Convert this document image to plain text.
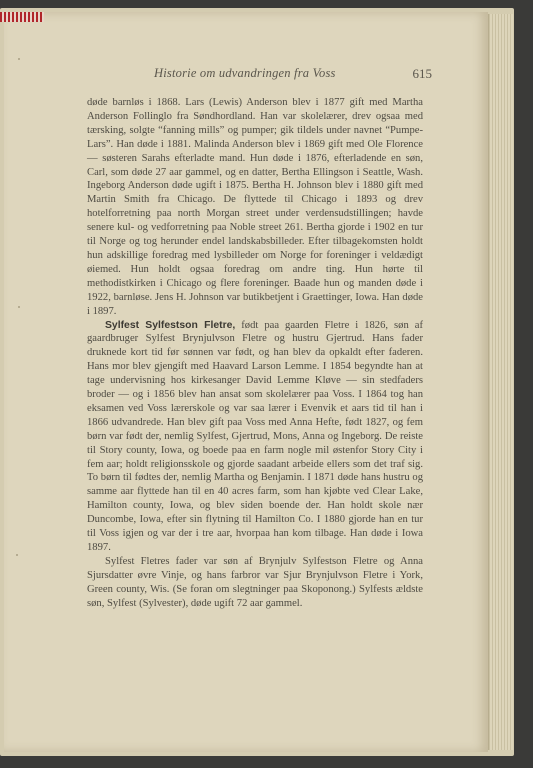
Historie om udvandringen fra Voss	615

døde barnløs i 1868. Lars (Lewis) Anderson blev i 1877 gift med Martha Anderson Follinglo fra Søndhordland. Han var skolelærer, drev ogsaa med tærsking, solgte “fanning mills” og pumper; gik tildels under navnet “Pumpe-Lars”. Han døde i 1881. Malinda Anderson blev i 1869 gift med Ole Florence — søsteren Sarahs efterladte mand. Hun døde i 1876, efterladende en søn, Carl, som døde 27 aar gammel, og en datter, Bertha Ellingson i Seattle, Wash. Ingeborg Anderson døde ugift i 1875. Bertha H. Johnson blev i 1880 gift med Martin Smith fra Chicago. De flyttede til Chicago i 1893 og drev hotelforretning paa north Morgan street under verdensudstillingen; havde senere kul- og vedforretning paa Noble street 261. Bertha gjorde i 1902 en tur til Norge og tog herunder endel landskabsbilleder. Efter tilbagekomsten holdt hun adskillige foredrag med lysbilleder om Norge for foreninger i veldædigt øiemed. Hun holdt ogsaa foredrag om andre ting. Hun hørte til methodistkirken i Chicago og flere foreninger. Baade hun og manden døde i 1922, barnløse. Jens H. Johnson var butikbetjent i Graettinger, Iowa. Han døde i 1897.

Sylfest Sylfestson Fletre, født paa gaarden Fletre i 1826, søn af gaardbruger Sylfest Brynjulvson Fletre og hustru Gjertrud. Hans fader druknede kort tid før sønnen var født, og han blev da opkaldt efter faderen. Hans mor blev gjengift med Haavard Larson Lemme. I 1854 begyndte han at tage undervisning hos kirkesanger David Lemme Kløve — sin stedfaders broder — og i 1856 blev han ansat som skolelærer paa Voss. I 1864 tog han eksamen ved Voss lærerskole og var saa lærer i Evenvik et aars tid til han i 1866 udvandrede. Han blev gift paa Voss med Anna Hefte, født 1827, og fem børn var født der, nemlig Sylfest, Gjertrud, Mons, Anna og Ingeborg. De reiste til Story county, Iowa, og boede paa en farm nogle mil østenfor Story City i fem aar; holdt religionsskole og gjorde saadant arbeide ellers som det traf sig. To børn til fødtes der, nemlig Martha og Benjamin. I 1871 døde hans hustru og samme aar flyttede han til en 40 acres farm, som han kjøbte ved Clear Lake, Hamilton county, Iowa, og blev siden boende der. Han holdt skole nær Duncombe, Iowa, efter sin flytning til Hamilton Co. I 1880 gjorde han en tur til Voss igjen og var der i tre aar, hvorpaa han kom tilbage. Han døde i Iowa 1897.

Sylfest Fletres fader var søn af Brynjulv Sylfestson Fletre og Anna Sjursdatter øvre Vinje, og hans farbror var Sjur Brynjulvson Fletre i York, Green county, Wis. (Se foran om slegtninger paa Skoponong.) Sylfests ældste søn, Sylfest (Sylvester), døde ugift 72 aar gammel.
